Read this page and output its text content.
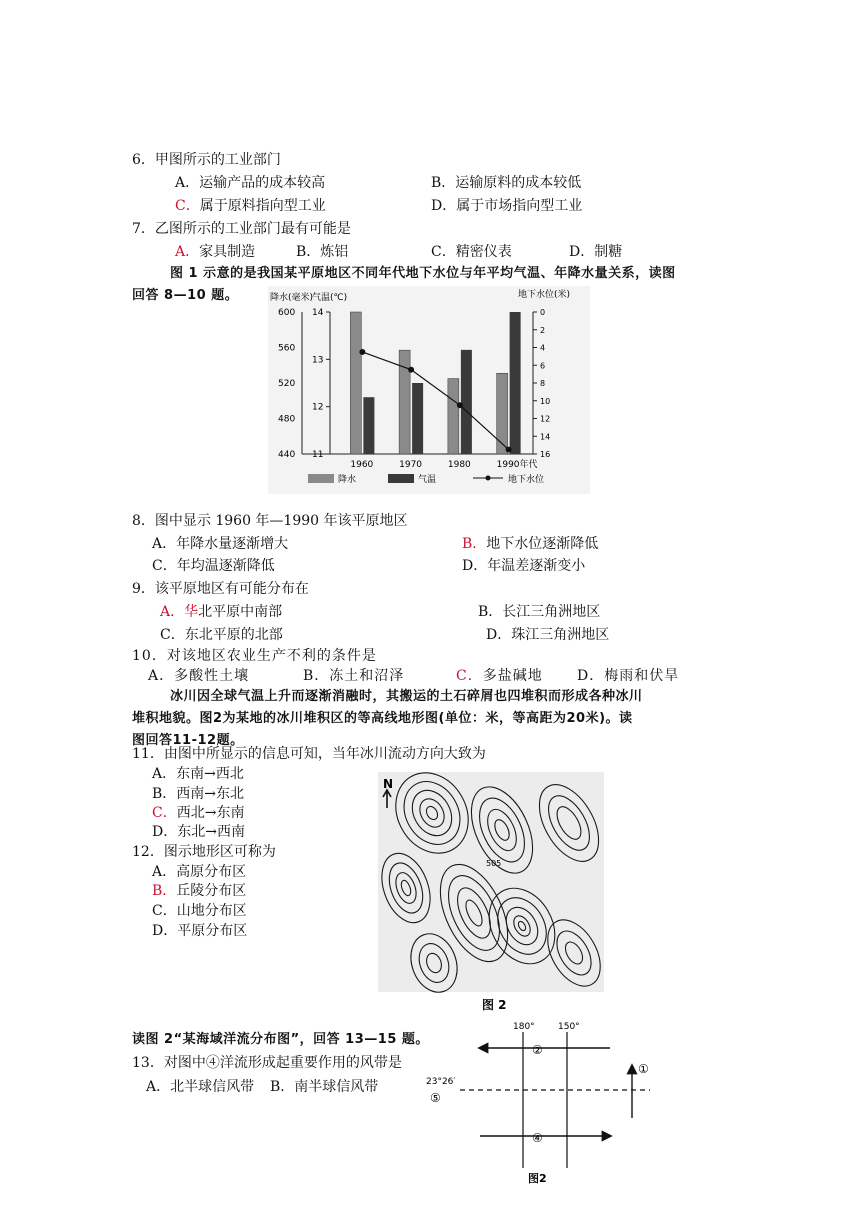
6．甲图所示的工业部门
A．运输产品的成本较高	B．运输原料的成本较低
C．属于原料指向型工业	D．属于市场指向型工业
7．乙图所示的工业部门最有可能是
A．家具制造	B．炼铝	C．精密仪表	D．制糖
图 1 示意的是我国某平原地区不同年代地下水位与年平均气温、年降水量关系，读图
回答 8—10 题。	降水(毫米)
气温(℃)	地下水位(米)
600
560
520
480
440
14
13
12
11
0
2
4
6
8
10
12
14
16
1960	1970	1980	1990年代
降水	气温	地下水位
8．图中显示 1960 年—1990 年该平原地区
A．年降水量逐渐增大	B．地下水位逐渐降低
C．年均温逐渐降低	D．年温差逐渐变小
9．该平原地区有可能分布在
A．华北平原中南部	B．长江三角洲地区
C．东北平原的北部	D．珠江三角洲地区
10．对该地区农业生产不利的条件是
A．多酸性土壤	B．冻土和沼泽	C．多盐碱地 D．梅雨和伏旱
冰川因全球气温上升而逐渐消融时，其搬运的土石碎屑也四堆积而形成各种冰川
堆积地貌。图2为某地的冰川堆积区的等高线地形图(单位：米，等高距为20米)。读
图回答11-12题。
11．由图中所显示的信息可知，当年冰川流动方向大致为
A．东南→西北
B．西南→东北
C．西北→东南
D．东北→西南
12．图示地形区可称为
A．高原分布区
B．丘陵分布区
C．山地分布区
D．平原分布区
N
505
图 2
读图 2“某海域洋流分布图”，回答 13—15 题。
13．对图中④洋流形成起重要作用的风带是
A．北半球信风带 B．南半球信风带
180°	150°
23°26′
②
①
⑤
④
图2
